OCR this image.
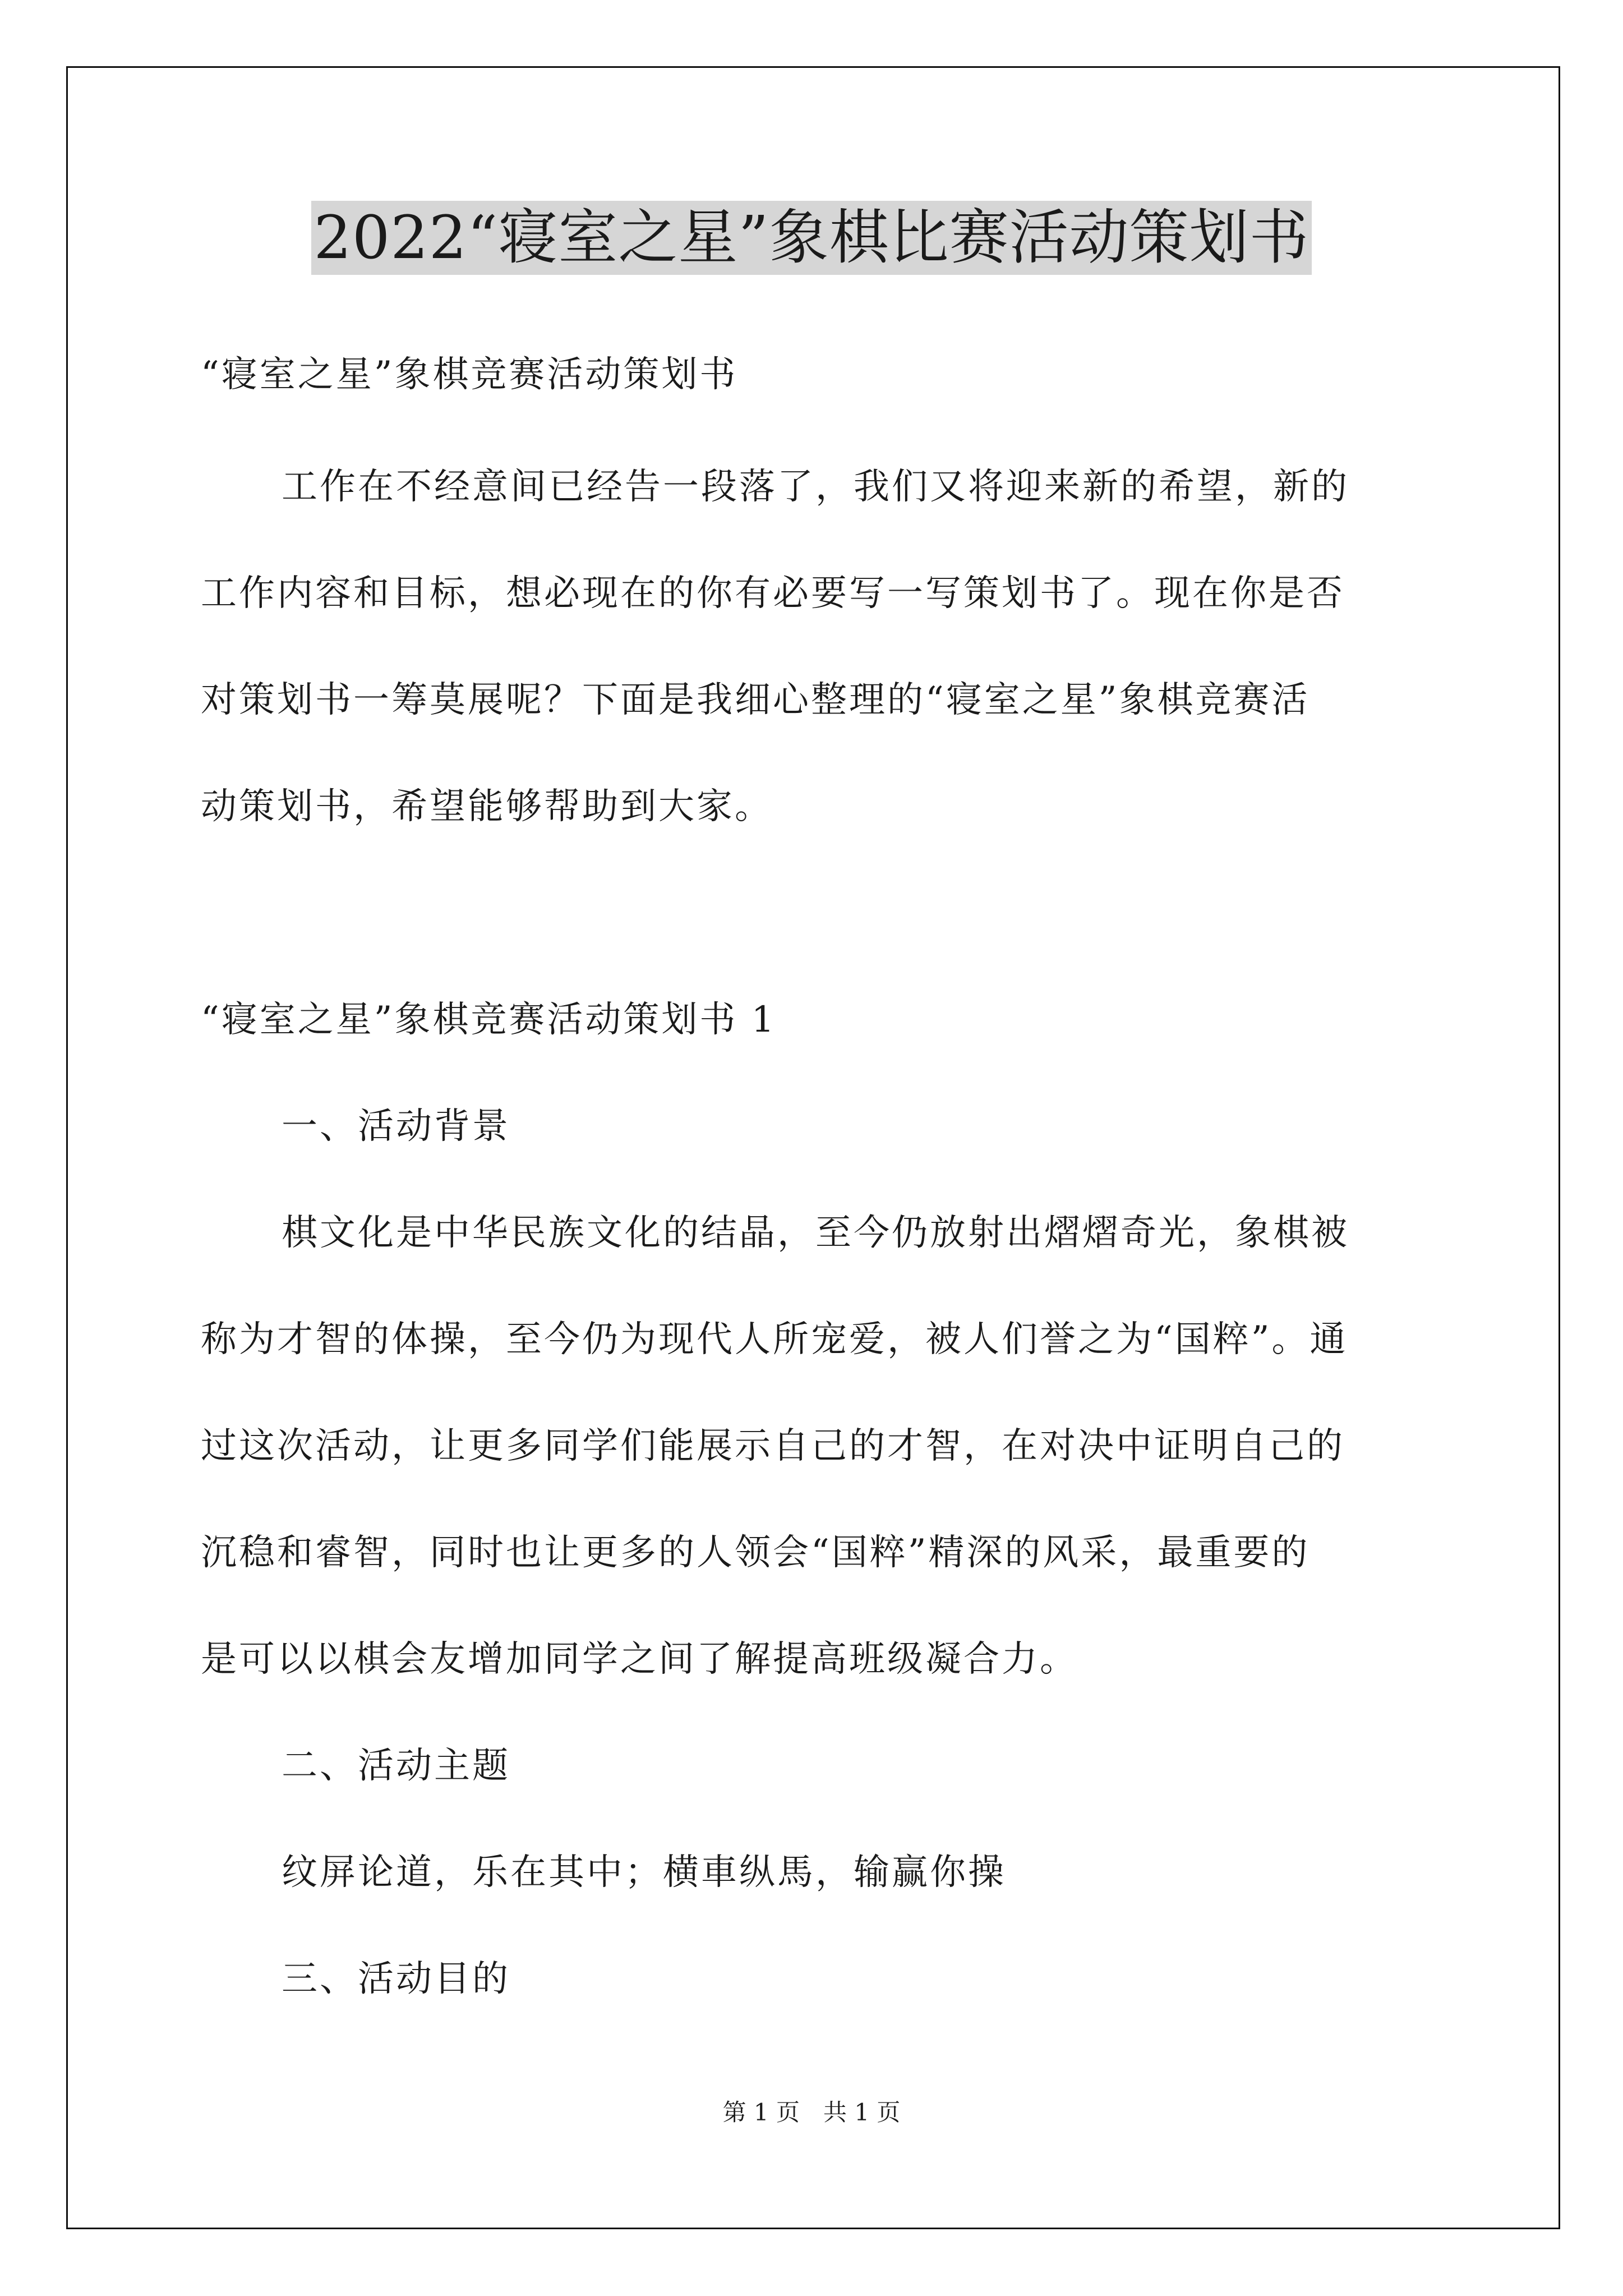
2022“寝室之星”象棋比赛活动策划书
“寝室之星”象棋竞赛活动策划书
工作在不经意间已经告一段落了，我们又将迎来新的希望，新的
工作内容和目标，想必现在的你有必要写一写策划书了。现在你是否
对策划书一筹莫展呢？下面是我细心整理的“寝室之星”象棋竞赛活
动策划书，希望能够帮助到大家。
“寝室之星”象棋竞赛活动策划书 1
一、活动背景
棋文化是中华民族文化的结晶，至今仍放射出熠熠奇光，象棋被
称为才智的体操，至今仍为现代人所宠爱，被人们誉之为“国粹”。通
过这次活动，让更多同学们能展示自己的才智，在对决中证明自己的
沉稳和睿智，同时也让更多的人领会“国粹”精深的风采，最重要的
是可以以棋会友增加同学之间了解提高班级凝合力。
二、活动主题
纹屏论道，乐在其中；横車纵馬，输赢你操
三、活动目的
第 1 页　共 1 页
